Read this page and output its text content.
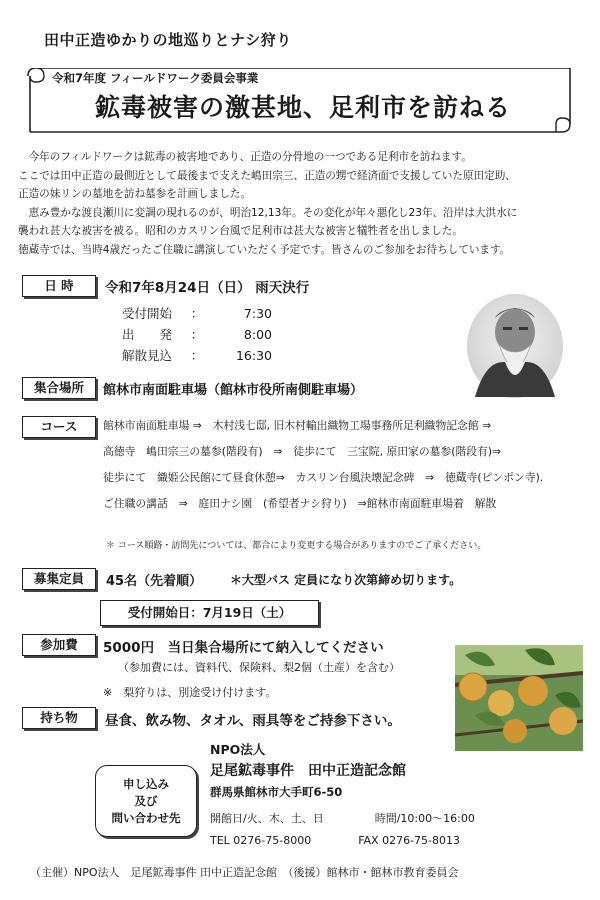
田中正造ゆかりの地巡りとナシ狩り
令和7年度 フィールドワーク委員会事業
鉱毒被害の激甚地、足利市を訪ねる

今年のフィルドワークは鉱毒の被害地であり、正造の分骨地の一つである足利市を訪ねます。

ここでは田中正造の最側近として最後まで支えた嶋田宗三、正造の甥で経済面で支援していた原田定助、

正造の妹リンの墓地を訪ね墓参を計画しました。

恵み豊かな渡良瀬川に変調の現れるのが、明治12,13年。その変化が年々悪化し23年、沿岸は大洪水に

襲われ甚大な被害を被る。昭和のカスリン台風で足利市は甚大な被害と犠牲者を出しました。

徳蔵寺では、当時4歳だったご住職に講演していただく予定です。皆さんのご参加をお待ちしています。

日 時	令和7年8月24日（日） 雨天決行
受付開始 ：	7:30
出　　発 ：	8:00
解散見込 ：	16:30
集合場所	館林市南面駐車場（館林市役所南側駐車場）
コース	館林市南面駐車場 ⇒　木村浅七邸, 旧木村輸出織物工場事務所足利織物記念館 ⇒
高徳寺　嶋田宗三の墓参(階段有)　⇒　徒歩にて　三宝院, 原田家の墓参(階段有)⇒
徒歩にて　織姫公民館にて昼食休憩⇒　カスリン台風決壊記念碑　⇒　徳蔵寺(ピンポン寺).
ご住職の講話　⇒　庭田ナシ園　(希望者ナシ狩り)　⇒館林市南面駐車場着　解散
＊ コース順路・訪問先については、都合により変更する場合がありますのでご了承ください。
募集定員	45名（先着順） ＊大型バス 定員になり次第締め切ります。
受付開始日：7月19日（土）
参加費	5000円　当日集合場所にて納入してください
（参加費には、資料代、保険料、梨2個（土産）を含む）
※　梨狩りは、別途受け付けます。
持ち物	昼食、飲み物、タオル、雨具等をご持参下さい。
申し込み
及び
問い合わせ先
NPO法人
足尾鉱毒事件　田中正造記念館
群馬県館林市大手町6-50
開館日/火、木、土、日	時間/10:00～16:00
TEL 0276-75-8000	FAX 0276-75-8013
（主催）NPO法人　足尾鉱毒事件 田中正造記念館　（後援）館林市・館林市教育委員会
